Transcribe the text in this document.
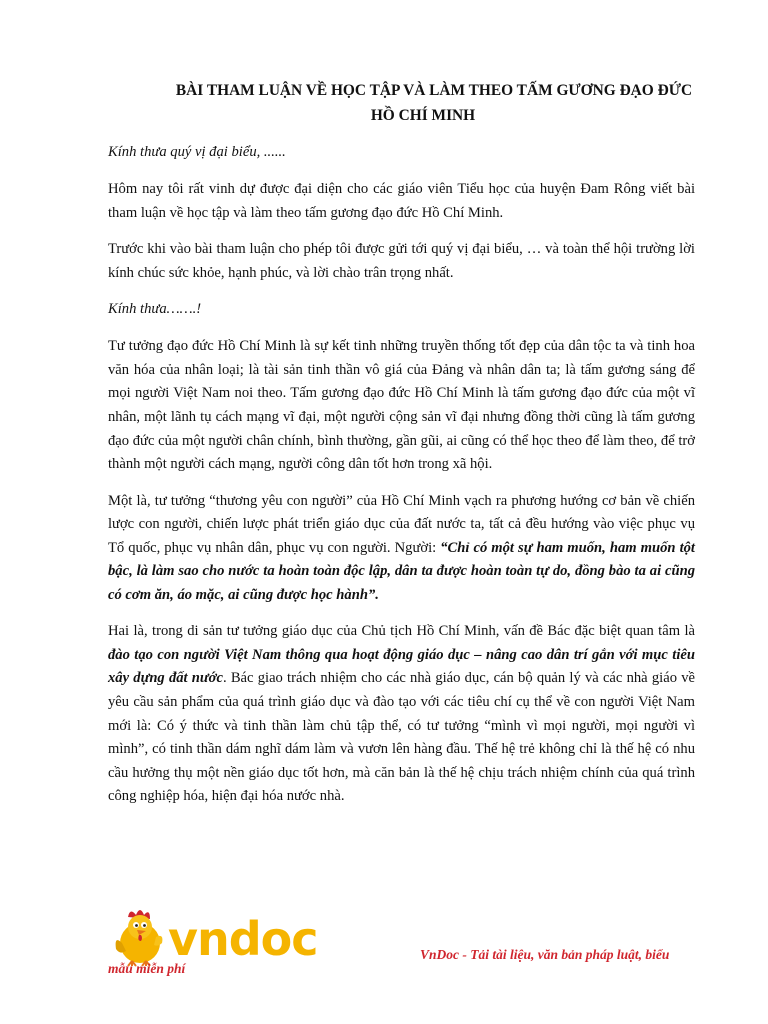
BÀI THAM LUẬN VỀ HỌC TẬP VÀ LÀM THEO TẤM GƯƠNG ĐẠO ĐỨC
HỒ CHÍ MINH

Kính thưa quý vị đại biểu, ......

Hôm nay tôi rất vinh dự được đại diện cho các giáo viên Tiểu học của huyện Đam Rông viết bài tham luận về học tập và làm theo tấm gương đạo đức Hồ Chí Minh.

Trước khi vào bài tham luận cho phép tôi được gửi tới quý vị đại biểu, … và toàn thể hội trường lời kính chúc sức khỏe, hạnh phúc, và lời chào trân trọng nhất.

Kính thưa…….!

Tư tưởng đạo đức Hồ Chí Minh là sự kết tinh những truyền thống tốt đẹp của dân tộc ta và tinh hoa văn hóa của nhân loại; là tài sản tinh thần vô giá của Đảng và nhân dân ta; là tấm gương sáng để mọi người Việt Nam noi theo. Tấm gương đạo đức Hồ Chí Minh là tấm gương đạo đức của một vĩ nhân, một lãnh tụ cách mạng vĩ đại, một người cộng sản vĩ đại nhưng đồng thời cũng là tấm gương đạo đức của một người chân chính, bình thường, gần gũi, ai cũng có thể học theo để làm theo, để trở thành một người cách mạng, người công dân tốt hơn trong xã hội.

Một là, tư tưởng “thương yêu con người” của Hồ Chí Minh vạch ra phương hướng cơ bản về chiến lược con người, chiến lược phát triển giáo dục của đất nước ta, tất cả đều hướng vào việc phục vụ Tổ quốc, phục vụ nhân dân, phục vụ con người. Người: “Chỉ có một sự ham muốn, ham muốn tột bậc, là làm sao cho nước ta hoàn toàn độc lập, dân ta được hoàn toàn tự do, đồng bào ta ai cũng có cơm ăn, áo mặc, ai cũng được học hành”.

Hai là, trong di sản tư tưởng giáo dục của Chủ tịch Hồ Chí Minh, vấn đề Bác đặc biệt quan tâm là đào tạo con người Việt Nam thông qua hoạt động giáo dục – nâng cao dân trí gắn với mục tiêu xây dựng đất nước. Bác giao trách nhiệm cho các nhà giáo dục, cán bộ quản lý và các nhà giáo về yêu cầu sản phẩm của quá trình giáo dục và đào tạo với các tiêu chí cụ thể về con người Việt Nam mới là: Có ý thức và tinh thần làm chủ tập thể, có tư tưởng “mình vì mọi người, mọi người vì mình”, có tinh thần dám nghĩ dám làm và vươn lên hàng đầu. Thế hệ trẻ không chỉ là thế hệ có nhu cầu hưởng thụ một nền giáo dục tốt hơn, mà căn bản là thế hệ chịu trách nhiệm chính của quá trình công nghiệp hóa, hiện đại hóa nước nhà.

vndoc
mẫu miễn phí
VnDoc - Tải tài liệu, văn bản pháp luật, biểu
